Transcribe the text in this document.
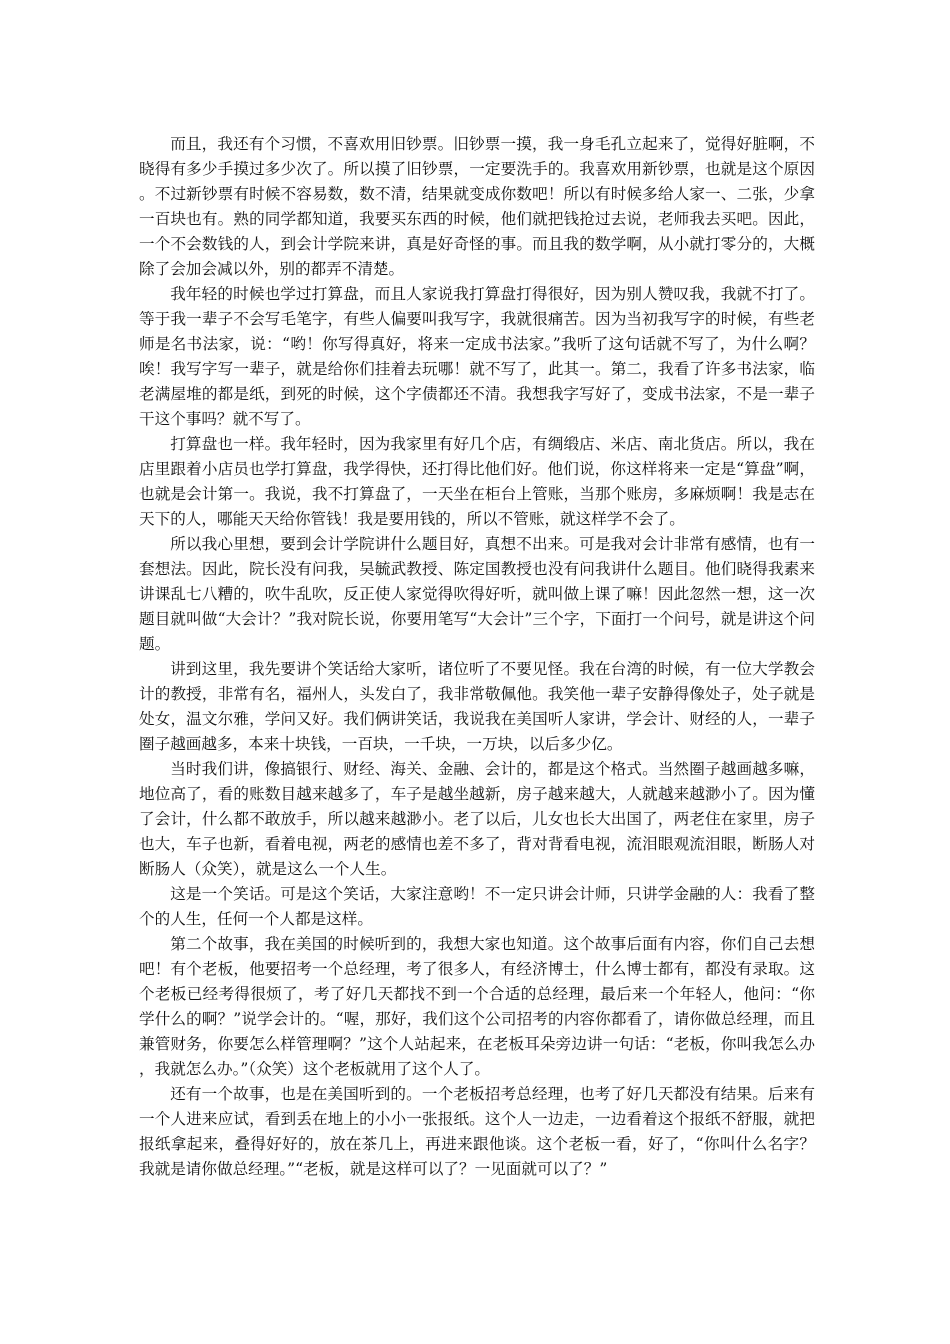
而且，我还有个习惯，不喜欢用旧钞票。旧钞票一摸，我一身毛孔立起来了，觉得好脏啊，不晓得有多少手摸过多少次了。所以摸了旧钞票，一定要洗手的。我喜欢用新钞票，也就是这个原因。不过新钞票有时候不容易数，数不清，结果就变成你数吧！所以有时候多给人家一、二张，少拿一百块也有。熟的同学都知道，我要买东西的时候，他们就把钱抢过去说，老师我去买吧。因此，一个不会数钱的人，到会计学院来讲，真是好奇怪的事。而且我的数学啊，从小就打零分的，大概除了会加会减以外，别的都弄不清楚。

我年轻的时候也学过打算盘，而且人家说我打算盘打得很好，因为别人赞叹我，我就不打了。等于我一辈子不会写毛笔字，有些人偏要叫我写字，我就很痛苦。因为当初我写字的时候，有些老师是名书法家，说：“哟！你写得真好，将来一定成书法家。”我听了这句话就不写了，为什么啊？唉！我写字写一辈子，就是给你们挂着去玩哪！就不写了，此其一。第二，我看了许多书法家，临老满屋堆的都是纸，到死的时候，这个字债都还不清。我想我字写好了，变成书法家，不是一辈子干这个事吗？就不写了。

打算盘也一样。我年轻时，因为我家里有好几个店，有绸缎店、米店、南北货店。所以，我在店里跟着小店员也学打算盘，我学得快，还打得比他们好。他们说，你这样将来一定是“算盘”啊，也就是会计第一。我说，我不打算盘了，一天坐在柜台上管账，当那个账房，多麻烦啊！我是志在天下的人，哪能天天给你管钱！我是要用钱的，所以不管账，就这样学不会了。

所以我心里想，要到会计学院讲什么题目好，真想不出来。可是我对会计非常有感情，也有一套想法。因此，院长没有问我，吴毓武教授、陈定国教授也没有问我讲什么题目。他们晓得我素来讲课乱七八糟的，吹牛乱吹，反正使人家觉得吹得好听，就叫做上课了嘛！因此忽然一想，这一次题目就叫做“大会计？”我对院长说，你要用笔写“大会计”三个字，下面打一个问号，就是讲这个问题。

讲到这里，我先要讲个笑话给大家听，诸位听了不要见怪。我在台湾的时候，有一位大学教会计的教授，非常有名，福州人，头发白了，我非常敬佩他。我笑他一辈子安静得像处子，处子就是处女，温文尔雅，学问又好。我们俩讲笑话，我说我在美国听人家讲，学会计、财经的人，一辈子圈子越画越多，本来十块钱，一百块，一千块，一万块，以后多少亿。

当时我们讲，像搞银行、财经、海关、金融、会计的，都是这个格式。当然圈子越画越多嘛，地位高了，看的账数目越来越多了，车子是越坐越新，房子越来越大，人就越来越渺小了。因为懂了会计，什么都不敢放手，所以越来越渺小。老了以后，儿女也长大出国了，两老住在家里，房子也大，车子也新，看着电视，两老的感情也差不多了，背对背看电视，流泪眼观流泪眼，断肠人对断肠人（众笑），就是这么一个人生。

这是一个笑话。可是这个笑话，大家注意哟！不一定只讲会计师，只讲学金融的人：我看了整个的人生，任何一个人都是这样。

第二个故事，我在美国的时候听到的，我想大家也知道。这个故事后面有内容，你们自己去想吧！有个老板，他要招考一个总经理，考了很多人，有经济博士，什么博士都有，都没有录取。这个老板已经考得很烦了，考了好几天都找不到一个合适的总经理，最后来一个年轻人，他问：“你学什么的啊？”说学会计的。“喔，那好，我们这个公司招考的内容你都看了，请你做总经理，而且兼管财务，你要怎么样管理啊？”这个人站起来，在老板耳朵旁边讲一句话：“老板，你叫我怎么办，我就怎么办。”（众笑）这个老板就用了这个人了。

还有一个故事，也是在美国听到的。一个老板招考总经理，也考了好几天都没有结果。后来有一个人进来应试，看到丢在地上的小小一张报纸。这个人一边走，一边看着这个报纸不舒服，就把报纸拿起来，叠得好好的，放在茶几上，再进来跟他谈。这个老板一看，好了，“你叫什么名字？我就是请你做总经理。”“老板，就是这样可以了？一见面就可以了？”
